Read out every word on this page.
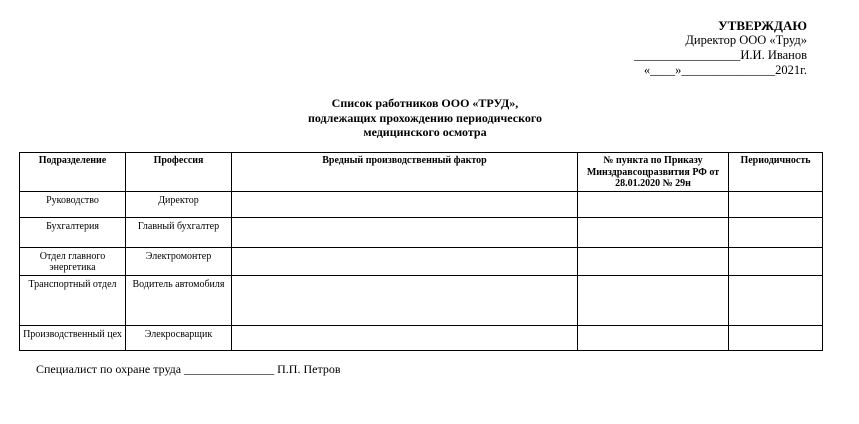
УТВЕРЖДАЮ
Директор ООО «Труд»
_________________И.И. Иванов
«____»_______________2021г.
Список работников ООО «ТРУД»,
подлежащих прохождению периодического
медицинского осмотра
Подразделение	Профессия	Вредный производственный фактор	№ пункта по Приказу Минздравсоцразвития РФ от 28.01.2020 № 29н	Периодичность
Руководство	Директор			
Бухгалтерия	Главный бухгалтер			
Отдел главного энергетика	Электромонтер			
Транспортный отдел	Водитель автомобиля			
Производственный цех	Элекросварщик			
Специалист по охране труда _______________ П.П. Петров
